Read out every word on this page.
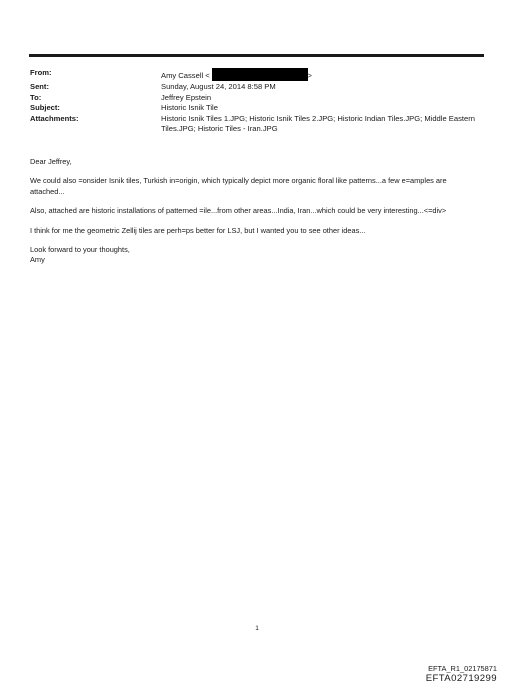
From:	Amy Cassell <	>
Sent:	Sunday, August 24, 2014 8:58 PM
To:	Jeffrey Epstein
Subject:	Historic Isnik Tile
Attachments:	Historic Isnik Tiles 1.JPG; Historic Isnik Tiles 2.JPG; Historic Indian Tiles.JPG; Middle Eastern Tiles.JPG; Historic Tiles - Iran.JPG

Dear Jeffrey,

We could also =onsider Isnik tiles, Turkish in=origin, which typically depict more organic floral like patterns...a few e=amples are attached...

Also, attached are historic installations of patterned =ile...from other areas...India, Iran...which could be very interesting...<=div>

I think for me the geometric Zellij tiles are perh=ps better for LSJ, but I wanted you to see other ideas...

Look forward to your thoughts,

Amy

1
EFTA_R1_02175871
EFTA02719299
